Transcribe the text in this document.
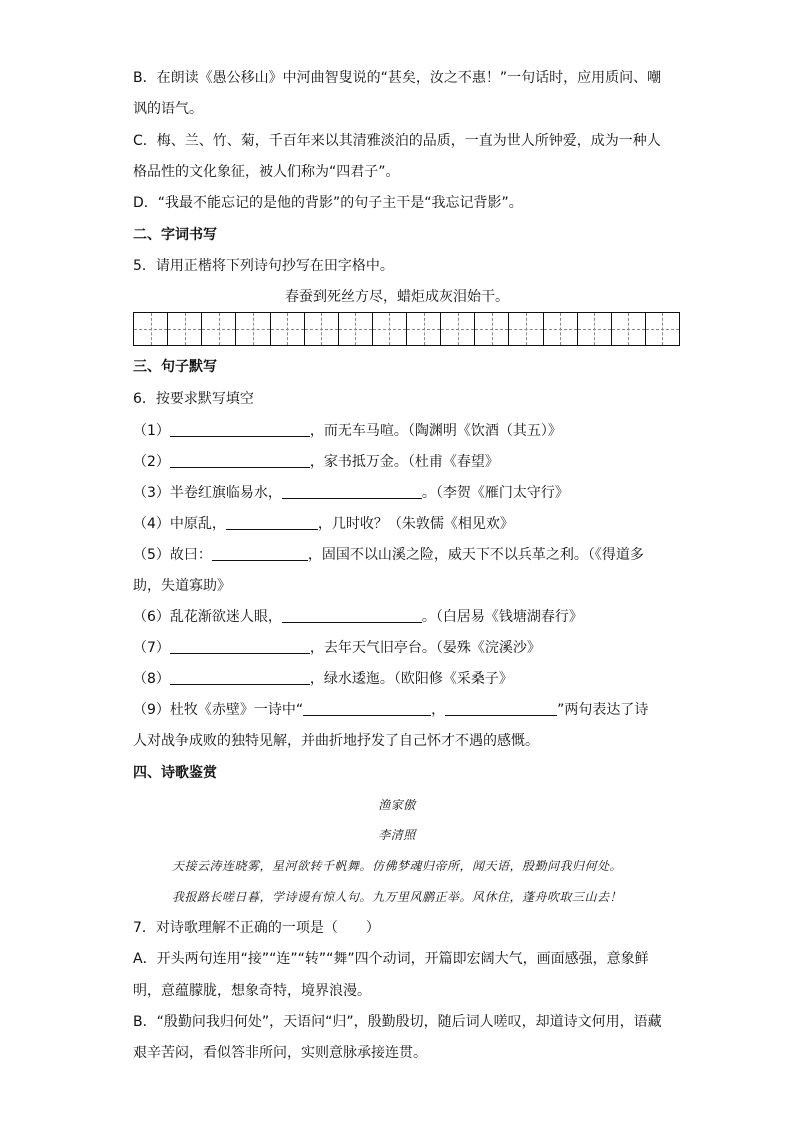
B．在朗读《愚公移山》中河曲智叟说的“甚矣，汝之不惠！”一句话时，应用质问、嘲
讽的语气。
C．梅、兰、竹、菊，千百年来以其清雅淡泊的品质，一直为世人所钟爱，成为一种人
格品性的文化象征，被人们称为“四君子”。
D．“我最不能忘记的是他的背影”的句子主干是“我忘记背影”。
二、字词书写
5．请用正楷将下列诗句抄写在田字格中。
春蚕到死丝方尽，蜡炬成灰泪始干。
三、句子默写
6．按要求默写填空
（1）	，而无车马喧。（陶渊明《饮酒（其五）》
（2）	，家书抵万金。（杜甫《春望》
（3）半卷红旗临易水，	。（李贺《雁门太守行》
（4）中原乱，	，几时收？（朱敦儒《相见欢》
（5）故曰：	，固国不以山溪之险，威天下不以兵革之利。（《得道多
助，失道寡助》
（6）乱花渐欲迷人眼，	。（白居易《钱塘湖春行》
（7）	，去年天气旧亭台。（晏殊《浣溪沙》
（8）	，绿水逶迤。（欧阳修《采桑子》
（9）杜牧《赤壁》一诗中“	，	”两句表达了诗
人对战争成败的独特见解，并曲折地抒发了自己怀才不遇的感慨。
四、诗歌鉴赏
渔家傲
李清照
天接云涛连晓雾，星河欲转千帆舞。仿佛梦魂归帝所，闻天语，殷勤问我归何处。
我报路长嗟日暮，学诗谩有惊人句。九万里风鹏正举。风休住，蓬舟吹取三山去！
7．对诗歌理解不正确的一项是（　　）
A．开头两句连用“接”“连”“转”“舞”四个动词，开篇即宏阔大气，画面感强，意象鲜
明，意蕴朦胧，想象奇特，境界浪漫。
B．“殷勤问我归何处”，天语问“归”，殷勤殷切，随后词人嗟叹，却道诗文何用，语藏
艰辛苦闷，看似答非所问，实则意脉承接连贯。
